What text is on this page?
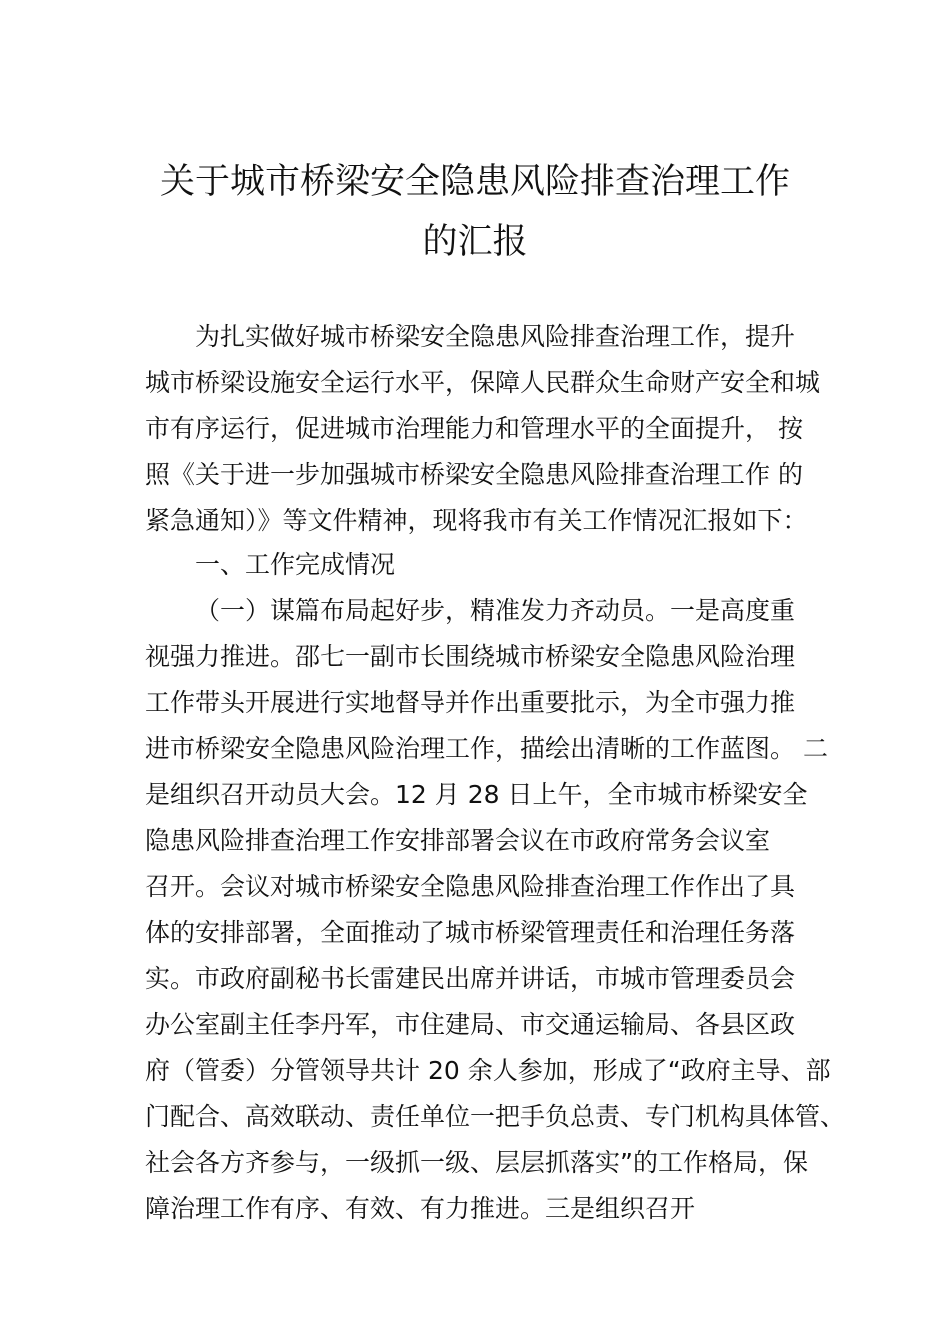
关于城市桥梁安全隐患风险排查治理工作
的汇报
为扎实做好城市桥梁安全隐患风险排查治理工作，提升
城市桥梁设施安全运行水平，保障人民群众生命财产安全和城
市有序运行，促进城市治理能力和管理水平的全面提升， 按
照《关于进一步加强城市桥梁安全隐患风险排查治理工作 的
紧急通知）》等文件精神，现将我市有关工作情况汇报如下：
一、工作完成情况
（一）谋篇布局起好步，精准发力齐动员。一是高度重
视强力推进。邵七一副市长围绕城市桥梁安全隐患风险治理
工作带头开展进行实地督导并作出重要批示，为全市强力推
进市桥梁安全隐患风险治理工作，描绘出清晰的工作蓝图。 二
是组织召开动员大会。12 月 28 日上午，全市城市桥梁安全
隐患风险排查治理工作安排部署会议在市政府常务会议室
召开。会议对城市桥梁安全隐患风险排查治理工作作出了具
体的安排部署，全面推动了城市桥梁管理责任和治理任务落
实。市政府副秘书长雷建民出席并讲话，市城市管理委员会
办公室副主任李丹军，市住建局、市交通运输局、各县区政
府（管委）分管领导共计 20 余人参加，形成了“政府主导、部
门配合、高效联动、责任单位一把手负总责、专门机构具体管、
社会各方齐参与，一级抓一级、层层抓落实”的工作格局，保
障治理工作有序、有效、有力推进。三是组织召开
